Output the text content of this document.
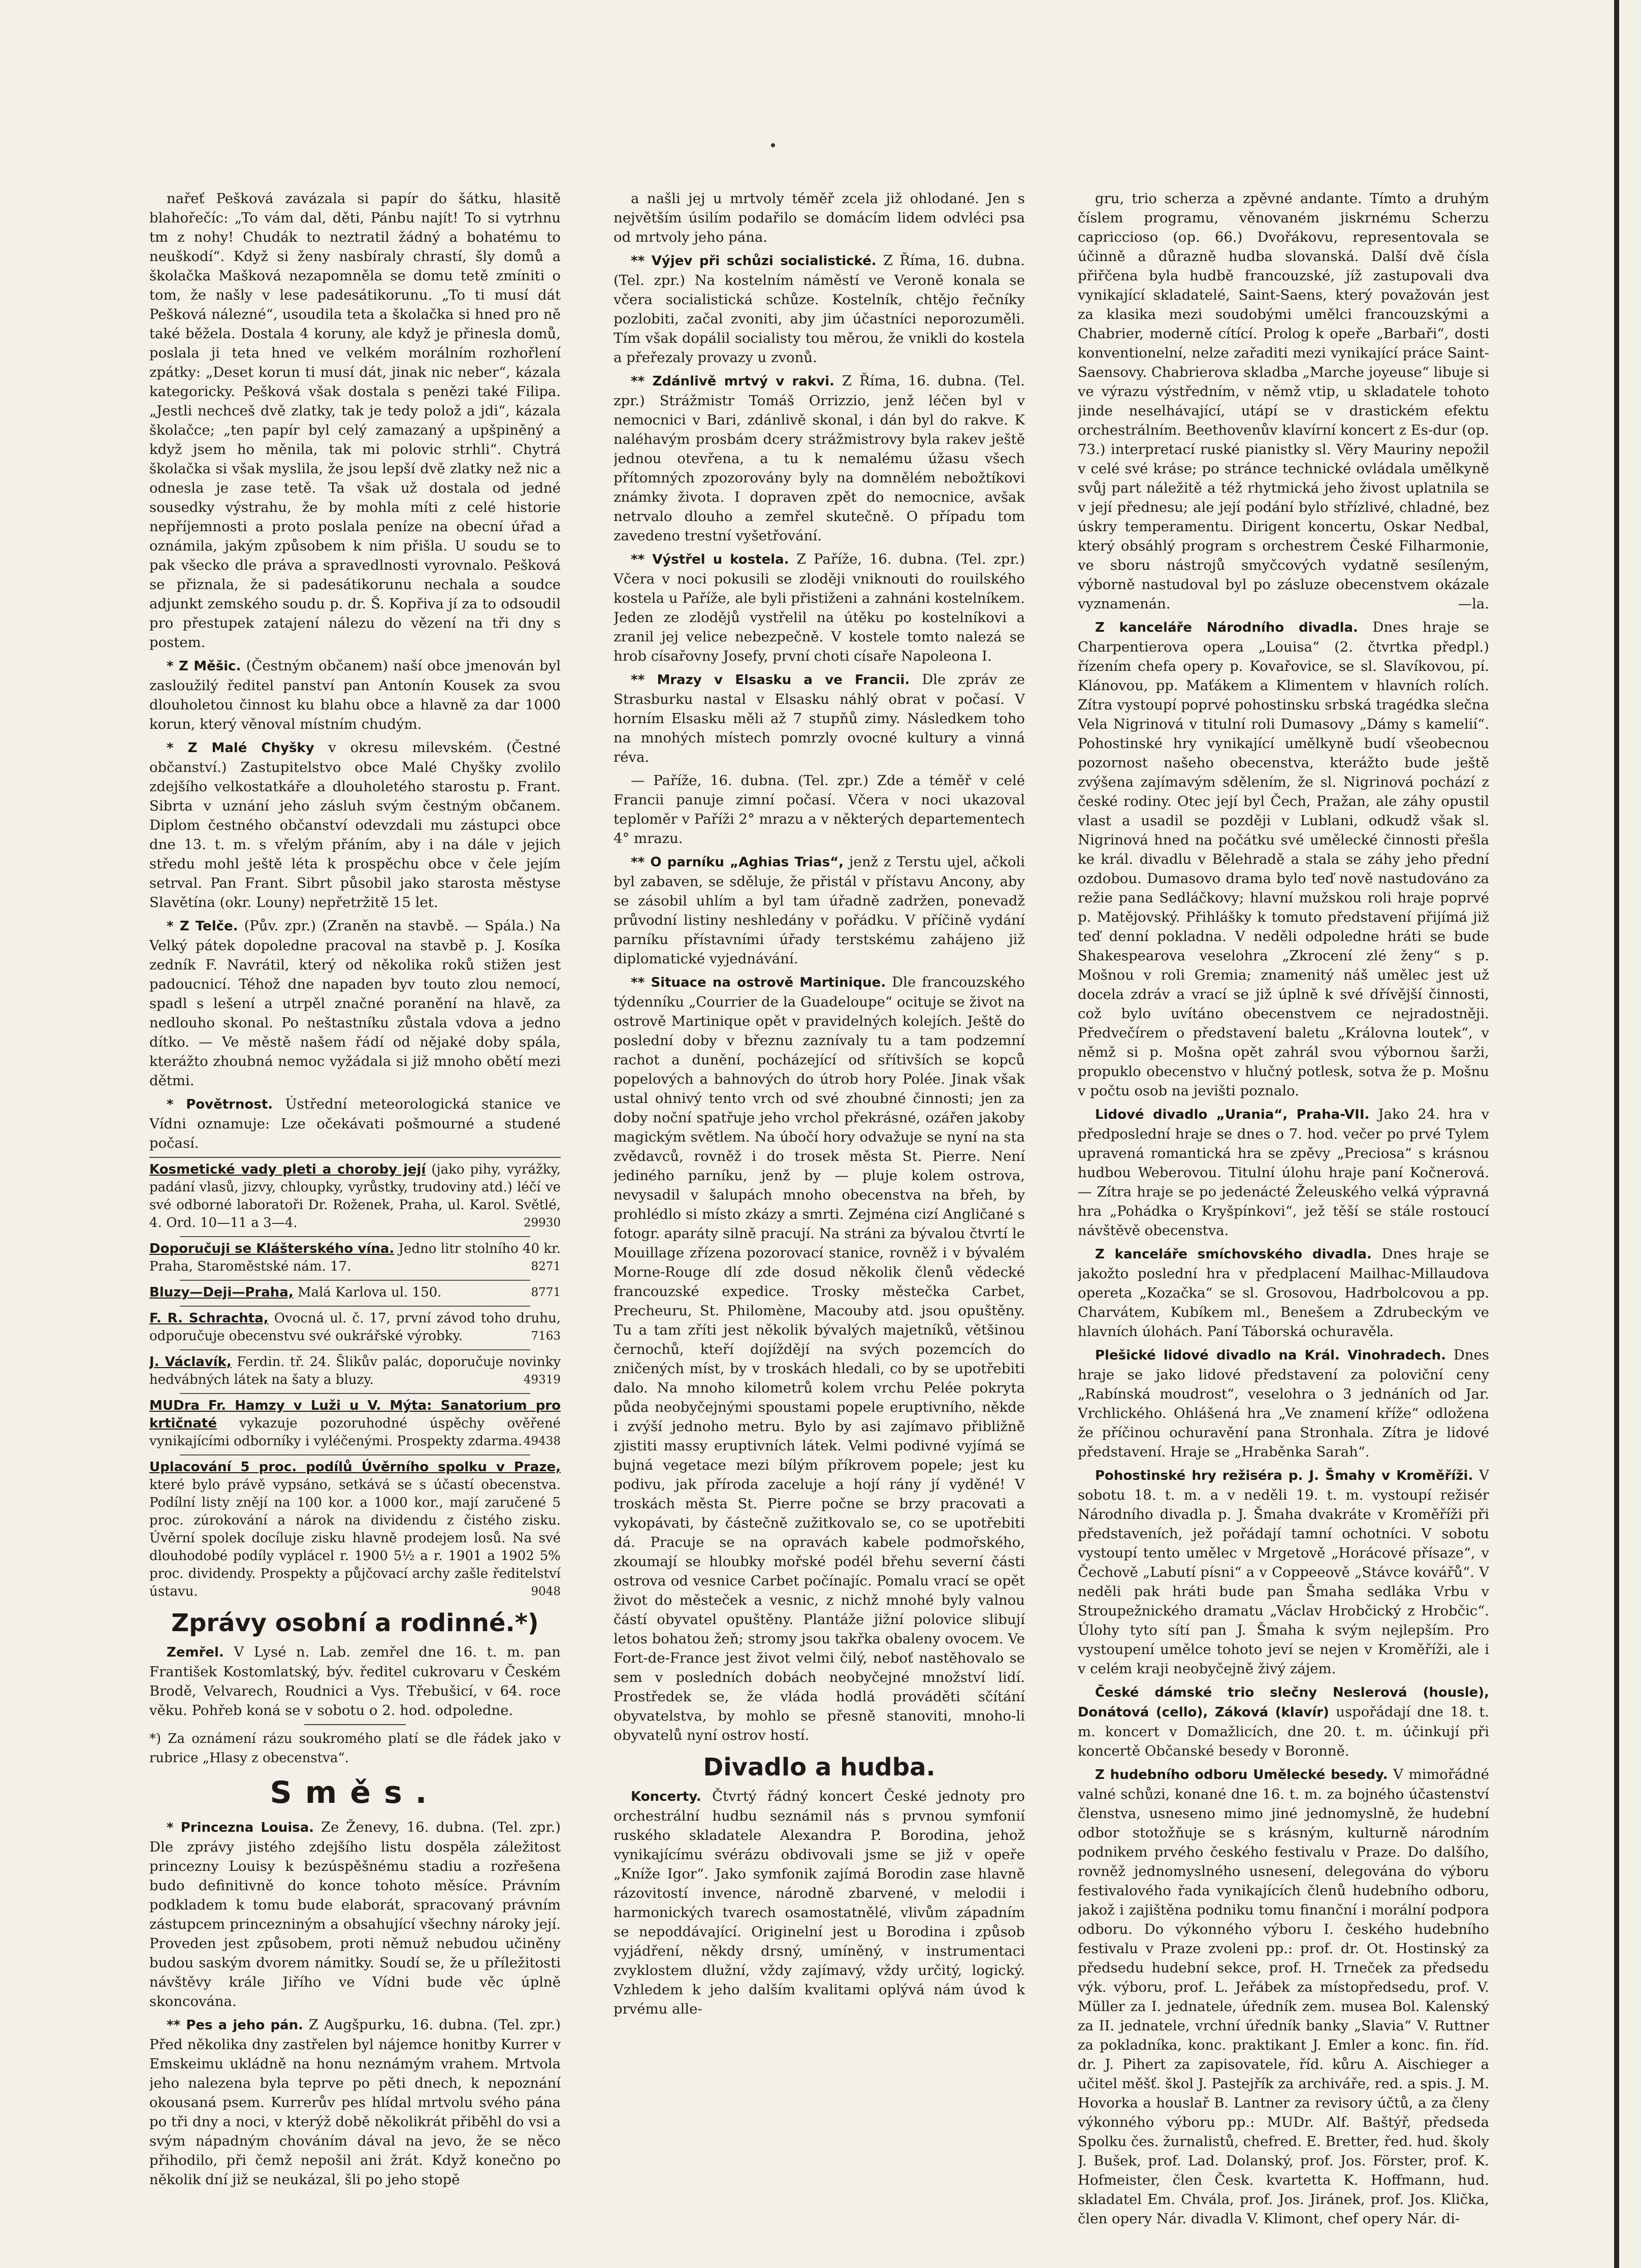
nařeť Pešková zavázala si papír do šátku, hlasitě blahořečíc: „To vám dal, děti, Pánbu najít! To si vytrhnu tm z nohy! Chudák to neztratil žádný a bohatému to neuškodí“. Když si ženy nasbíraly chrastí, šly domů a školačka Mašková nezapomněla se domu tetě zmíniti o tom, že našly v lese padesátikorunu. „To ti musí dát Pešková nálezné“, usoudila teta a školačka si hned pro ně také běžela. Dostala 4 koruny, ale když je přinesla domů, poslala ji teta hned ve velkém morálním rozhořlení zpátky: „Deset korun ti musí dát, jinak nic neber“, kázala kategoricky. Pešková však dostala s penězi také Filipa. „Jestli nechceš dvě zlatky, tak je tedy polož a jdi“, kázala školačce; „ten papír byl celý zamazaný a upšpiněný a když jsem ho měnila, tak mi polovic strhli“. Chytrá školačka si však myslila, že jsou lepší dvě zlatky než nic a odnesla je zase tetě. Ta však už dostala od jedné sousedky výstrahu, že by mohla míti z celé historie nepříjemnosti a proto poslala peníze na obecní úřad a oznámila, jakým způsobem k nim přišla. U soudu se to pak všecko dle práva a spravedlnosti vyrovnalo. Pešková se přiznala, že si padesátikorunu nechala a soudce adjunkt zemského soudu p. dr. Š. Kopřiva jí za to odsoudil pro přestupek zatajení nálezu do vězení na tři dny s postem.

* Z Měšic. (Čestným občanem) naší obce jmenován byl zasloužilý ředitel panství pan Antonín Kousek za svou dlouholetou činnost ku blahu obce a hlavně za dar 1000 korun, který věnoval místním chudým.

* Z Malé Chyšky v okresu milevském. (Čestné občanství.) Zastupitelstvo obce Malé Chyšky zvolilo zdejšího velkostatkáře a dlouholetého starostu p. Frant. Sibrta v uznání jeho zásluh svým čestným občanem. Diplom čestného občanství odevzdali mu zástupci obce dne 13. t. m. s vřelým přáním, aby i na dále v jejich středu mohl ještě léta k prospěchu obce v čele jejím setrval. Pan Frant. Sibrt působil jako starosta městyse Slavětína (okr. Louny) nepřetržitě 15 let.

* Z Telče. (Pův. zpr.) (Zraněn na stavbě. — Spála.) Na Velký pátek dopoledne pracoval na stavbě p. J. Kosíka zedník F. Navrátil, který od několika roků stižen jest padoucnicí. Téhož dne napaden byv touto zlou nemocí, spadl s lešení a utrpěl značné poranění na hlavě, za nedlouho skonal. Po neštastníku zůstala vdova a jedno dítko. — Ve městě našem řádí od nějaké doby spála, kterážto zhoubná nemoc vyžádala si již mnoho obětí mezi dětmi.

* Povětrnost. Ústřední meteorologická stanice ve Vídni oznamuje: Lze očekávati pošmourné a studené počasí.

Kosmetické vady pleti a choroby její (jako pihy, vyrážky, padání vlasů, jizvy, chloupky, vyrůstky, trudoviny atd.) léčí ve své odborné laboratoři Dr. Roženek, Praha, ul. Karol. Světlé, 4. Ord. 10—11 a 3—4.	29930

Doporučuji se Klášterského vína. Jedno litr stolního 40 kr. Praha, Staroměstské nám. 17.	8271

Bluzy—Deji—Praha, Malá Karlova ul. 150.	8771

F. R. Schrachta, Ovocná ul. č. 17, první závod toho druhu, odporučuje obecenstvu své oukrářské výrobky.	7163

J. Václavík, Ferdin. tř. 24. Šlikův palác, doporučuje novinky hedvábných látek na šaty a bluzy.	49319

MUDra Fr. Hamzy v Luži u V. Mýta: Sanatorium pro krtičnaté vykazuje pozoruhodné úspěchy ověřené vynikajícími odborníky i vyléčenými. Prospekty zdarma. 49438

Uplacování 5 proc. podílů Úvěrního spolku v Praze, které bylo právě vypsáno, setkává se s účastí obecenstva. Podílní listy znějí na 100 kor. a 1000 kor., mají zaručené 5 proc. zúrokování a nárok na dividendu z čistého zisku. Úvěrní spolek docíluje zisku hlavně prodejem losů. Na své dlouhodobé podíly vyplácel r. 1900 5½ a r. 1901 a 1902 5% proc. dividendy. Prospekty a půjčovací archy zašle ředitelství ústavu.	9048

Zprávy osobní a rodinné.*)

Zemřel. V Lysé n. Lab. zemřel dne 16. t. m. pan František Kostomlatský, býv. ředitel cukrovaru v Českém Brodě, Velvarech, Roudnici a Vys. Třebušicí, v 64. roce věku. Pohřeb koná se v sobotu o 2. hod. odpoledne.

*) Za oznámení rázu soukromého platí se dle řádek jako v rubrice „Hlasy z obecenstva“.

Směs.

* Princezna Louisa. Ze Ženevy, 16. dubna. (Tel. zpr.) Dle zprávy jistého zdejšího listu dospěla záležitost princezny Louisy k bezúspěšnému stadiu a rozřešena budo definitivně do konce tohoto měsíce. Právním podkladem k tomu bude elaborát, spracovaný právním zástupcem princezniným a obsahující všechny nároky její. Proveden jest způsobem, proti němuž nebudou učiněny budou saským dvorem námitky. Soudí se, že u příležitosti návštěvy krále Jiřího ve Vídni bude věc úplně skoncována.

** Pes a jeho pán. Z Augšpurku, 16. dubna. (Tel. zpr.) Před několika dny zastřelen byl nájemce honitby Kurrer v Emskeimu ukládně na honu neznámým vrahem. Mrtvola jeho nalezena byla teprve po pěti dnech, k nepoznání okousaná psem. Kurrerův pes hlídal mrtvolu svého pána po tři dny a noci, v kterýž době několikrát přiběhl do vsi a svým nápadným chováním dával na jevo, že se něco přihodilo, při čemž nepošil ani žrát. Když konečno po několik dní již se neukázal, šli po jeho stopě

a našli jej u mrtvoly téměř zcela již ohlodané. Jen s největším úsilím podařilo se domácím lidem odvléci psa od mrtvoly jeho pána.

** Výjev při schůzi socialistické. Z Říma, 16. dubna. (Tel. zpr.) Na kostelním náměstí ve Veroně konala se včera socialistická schůze. Kostelník, chtějo řečníky pozlobiti, začal zvoniti, aby jim účastníci neporozuměli. Tím však dopálil socialisty tou měrou, že vnikli do kostela a přeřezaly provazy u zvonů.

** Zdánlivě mrtvý v rakvi. Z Říma, 16. dubna. (Tel. zpr.) Strážmistr Tomáš Orrizzio, jenž léčen byl v nemocnici v Bari, zdánlivě skonal, i dán byl do rakve. K naléhavým prosbám dcery strážmistrovy byla rakev ještě jednou otevřena, a tu k nemalému úžasu všech přítomných zpozorovány byly na domnělém nebožtíkovi známky života. I dopraven zpět do nemocnice, avšak netrvalo dlouho a zemřel skutečně. O případu tom zavedeno trestní vyšetřování.

** Výstřel u kostela. Z Paříže, 16. dubna. (Tel. zpr.) Včera v noci pokusili se zloději vniknouti do rouilského kostela u Paříže, ale byli přistiženi a zahnáni kostelníkem. Jeden ze zlodějů vystřelil na útěku po kostelníkovi a zranil jej velice nebezpečně. V kostele tomto nalezá se hrob císařovny Josefy, první choti císaře Napoleona I.

** Mrazy v Elsasku a ve Francii. Dle zpráv ze Strasburku nastal v Elsasku náhlý obrat v počasí. V horním Elsasku měli až 7 stupňů zimy. Následkem toho na mnohých místech pomrzly ovocné kultury a vinná réva.

— Paříže, 16. dubna. (Tel. zpr.) Zde a téměř v celé Francii panuje zimní počasí. Včera v noci ukazoval teploměr v Paříži 2° mrazu a v některých departementech 4° mrazu.

** O parníku „Aghias Trias“, jenž z Terstu ujel, ačkoli byl zabaven, se sděluje, že přistál v přístavu Ancony, aby se zásobil uhlím a byl tam úřadně zadržen, ponevadž průvodní listiny neshledány v pořádku. V příčině vydání parníku přístavními úřady terstskému zahájeno již diplomatické vyjednávání.

** Situace na ostrově Martinique. Dle francouzského týdenníku „Courrier de la Guadeloupe“ ocituje se život na ostrově Martinique opět v pravidelných kolejích. Ještě do poslední doby v březnu zaznívaly tu a tam podzemní rachot a dunění, pocházející od sřítivších se kopců popelových a bahnových do útrob hory Polée. Jinak však ustal ohnivý tento vrch od své zhoubné činnosti; jen za doby noční spatřuje jeho vrchol překrásné, ozářen jakoby magickým světlem. Na úbočí hory odvažuje se nyní na sta zvědavců, rovněž i do trosek města St. Pierre. Není jediného parníku, jenž by — pluje kolem ostrova, nevysadil v šalupách mnoho obecenstva na břeh, by prohlédlo si místo zkázy a smrti. Zejména cizí Angličané s fotogr. aparáty silně pracují. Na stráni za bývalou čtvrtí le Mouillage zřízena pozorovací stanice, rovněž i v bývalém Morne-Rouge dlí zde dosud několik členů vědecké francouzské expedice. Trosky městečka Carbet, Precheuru, St. Philomène, Macouby atd. jsou opuštěny. Tu a tam zříti jest několik bývalých majetníků, většinou černochů, kteří dojíždějí na svých pozemcích do zničených míst, by v troskách hledali, co by se upotřebiti dalo. Na mnoho kilometrů kolem vrchu Pelée pokryta půda neobyčejnými spoustami popele eruptivního, někde i zvýší jednoho metru. Bylo by asi zajímavo přibližně zjistiti massy eruptivních látek. Velmi podivné vyjímá se bujná vegetace mezi bílým příkrovem popele; jest ku podivu, jak příroda zaceluje a hojí rány jí vyděné! V troskách města St. Pierre počne se brzy pracovati a vykopávati, by částečně zužitkovalo se, co se upotřebiti dá. Pracuje se na opravách kabele podmořského, zkoumají se hloubky mořské podél břehu severní části ostrova od vesnice Carbet počínajíc. Pomalu vrací se opět život do městeček a vesnic, z nichž mnohé byly valnou částí obyvatel opuštěny. Plantáže jižní polovice slibují letos bohatou žeň; stromy jsou takřka obaleny ovocem. Ve Fort-de-France jest život velmi čilý, neboť nastěhovalo se sem v posledních dobách neobyčejné množství lidí. Prostředek se, že vláda hodlá prováděti sčítání obyvatelstva, by mohlo se přesně stanoviti, mnoho-li obyvatelů nyní ostrov hostí.

Divadlo a hudba.

Koncerty. Čtvrtý řádný koncert České jednoty pro orchestrální hudbu seznámil nás s prvnou symfonií ruského skladatele Alexandra P. Borodina, jehož vynikajícímu svérázu obdivovali jsme se již v opeře „Kníže Igor“. Jako symfonik zajímá Borodin zase hlavně rázovitostí invence, národně zbarvené, v melodii i harmonických tvarech osamostatnělé, vlivům západním se nepoddávající. Originelní jest u Borodina i způsob vyjádření, někdy drsný, umíněný, v instrumentaci zvyklostem dlužní, vždy zajímavý, vždy určitý, logický. Vzhledem k jeho dalším kvalitami oplývá nám úvod k prvému alle-

gru, trio scherza a zpěvné andante. Tímto a druhým číslem programu, věnovaném jiskrnému Scherzu capriccioso (op. 66.) Dvořákovu, representovala se účinně a důrazně hudba slovanská. Další dvě čísla přiřčena byla hudbě francouzské, jíž zastupovali dva vynikající skladatelé, Saint-Saens, který považován jest za klasika mezi soudobými umělci francouzskými a Chabrier, moderně cítící. Prolog k opeře „Barbaři“, dosti konventionelní, nelze zařaditi mezi vynikající práce Saint-Saensovy. Chabrierova skladba „Marche joyeuse“ libuje si ve výrazu výstředním, v němž vtip, u skladatele tohoto jinde neselhávající, utápí se v drastickém efektu orchestrálním. Beethovenův klavírní koncert z Es-dur (op. 73.) interpretací ruské pianistky sl. Věry Mauriny nepožil v celé své kráse; po stránce technické ovládala umělkyně svůj part náležitě a též rhytmická jeho živost uplatnila se v její přednesu; ale její podání bylo střízlivé, chladné, bez úskry temperamentu. Dirigent koncertu, Oskar Nedbal, který obsáhlý program s orchestrem České Filharmonie, ve sboru nástrojů smyčcových vydatně sesíleným, výborně nastudoval byl po zásluze obecenstvem okázale vyznamenán.	—la.

Z kanceláře Národního divadla. Dnes hraje se Charpentierova opera „Louisa“ (2. čtvrtka předpl.) řízením chefa opery p. Kovařovice, se sl. Slavíkovou, pí. Klánovou, pp. Maťákem a Klimentem v hlavních rolích. Zítra vystoupí poprvé pohostinsku srbská tragédka slečna Vela Nigrinová v titulní roli Dumasovy „Dámy s kamelií“. Pohostinské hry vynikající umělkyně budí všeobecnou pozornost našeho obecenstva, kterážto bude ještě zvýšena zajímavým sdělením, že sl. Nigrinová pochází z české rodiny. Otec její byl Čech, Pražan, ale záhy opustil vlast a usadil se později v Lublani, odkudž však sl. Nigrinová hned na počátku své umělecké činnosti přešla ke král. divadlu v Bělehradě a stala se záhy jeho přední ozdobou. Dumasovo drama bylo teď nově nastudováno za režie pana Sedláčkovy; hlavní mužskou roli hraje poprvé p. Matějovský. Přihlášky k tomuto představení přijímá již teď denní pokladna. V neděli odpoledne hráti se bude Shakespearova veselohra „Zkrocení zlé ženy“ s p. Mošnou v roli Gremia; znamenitý náš umělec jest už docela zdráv a vrací se již úplně k své dřívější činnosti, což bylo uvítáno obecenstvem ce nejradostněji. Předvečírem o představení baletu „Královna loutek“, v němž si p. Mošna opět zahrál svou výbornou šarži, propuklo obecenstvo v hlučný potlesk, sotva že p. Mošnu v počtu osob na jevišti poznalo.

Lidové divadlo „Urania“, Praha-VII. Jako 24. hra v předposlední hraje se dnes o 7. hod. večer po prvé Tylem upravená romantická hra se zpěvy „Preciosa“ s krásnou hudbou Weberovou. Titulní úlohu hraje paní Kočnerová. — Zítra hraje se po jedenácté Želeuského velká výpravná hra „Pohádka o Kryšpínkovi“, jež těší se stále rostoucí návštěvě obecenstva.

Z kanceláře smíchovského divadla. Dnes hraje se jakožto poslední hra v předplacení Mailhac-Millaudova opereta „Kozačka“ se sl. Grosovou, Hadrbolcovou a pp. Charvátem, Kubíkem ml., Benešem a Zdrubeckým ve hlavních úlohách. Paní Táborská ochuravěla.

Plešické lidové divadlo na Král. Vinohradech. Dnes hraje se jako lidové představení za poloviční ceny „Rabínská moudrost“, veselohra o 3 jednáních od Jar. Vrchlického. Ohlášená hra „Ve znamení kříže“ odložena že příčinou ochuravění pana Stronhala. Zítra je lidové představení. Hraje se „Hraběnka Sarah“.

Pohostinské hry režiséra p. J. Šmahy v Kroměříži. V sobotu 18. t. m. a v neděli 19. t. m. vystoupí režisér Národního divadla p. J. Šmaha dvakráte v Kroměříži při představeních, jež pořádají tamní ochotníci. V sobotu vystoupí tento umělec v Mrgetově „Horácové přísaze“, v Čechově „Labutí písni“ a v Coppeeově „Stávce kovářů“. V neděli pak hráti bude pan Šmaha sedláka Vrbu v Stroupežnického dramatu „Václav Hrobčický z Hrobčic“. Úlohy tyto sítí pan J. Šmaha k svým nejlepším. Pro vystoupení umělce tohoto jeví se nejen v Kroměříži, ale i v celém kraji neobyčejně živý zájem.

České dámské trio slečny Neslerová (housle), Donátová (cello), Záková (klavír) uspořádají dne 18. t. m. koncert v Domažlicích, dne 20. t. m. účinkují při koncertě Občanské besedy v Boronně.

Z hudebního odboru Umělecké besedy. V mimořádné valné schůzi, konané dne 16. t. m. za bojného účastenství členstva, usneseno mimo jiné jednomyslně, že hudební odbor stotožňuje se s krásným, kulturně národním podnikem prvého českého festivalu v Praze. Do dalšího, rovněž jednomyslného usnesení, delegována do výboru festivalového řada vynikajících členů hudebního odboru, jakož i zajištěna podniku tomu finanční i morální podpora odboru. Do výkonného výboru I. českého hudebního festivalu v Praze zvoleni pp.: prof. dr. Ot. Hostinský za předsedu hudební sekce, prof. H. Trneček za předsedu výk. výboru, prof. L. Jeřábek za místopředsedu, prof. V. Müller za I. jednatele, úředník zem. musea Bol. Kalenský za II. jednatele, vrchní úředník banky „Slavia“ V. Ruttner za pokladníka, konc. praktikant J. Emler a konc. fin. říd. dr. J. Pihert za zapisovatele, říd. kůru A. Aischieger a učitel měšť. škol J. Pastejřík za archiváře, red. a spis. J. M. Hovorka a houslař B. Lantner za revisory účtů, a za členy výkonného výboru pp.: MUDr. Alf. Baštýř, předseda Spolku čes. žurnalistů, chefred. E. Bretter, řed. hud. školy J. Bušek, prof. Lad. Dolanský, prof. Jos. Förster, prof. K. Hofmeister, člen Česk. kvartetta K. Hoffmann, hud. skladatel Em. Chvála, prof. Jos. Jiránek, prof. Jos. Klička, člen opery Nár. divadla V. Klimont, chef opery Nár. di-
